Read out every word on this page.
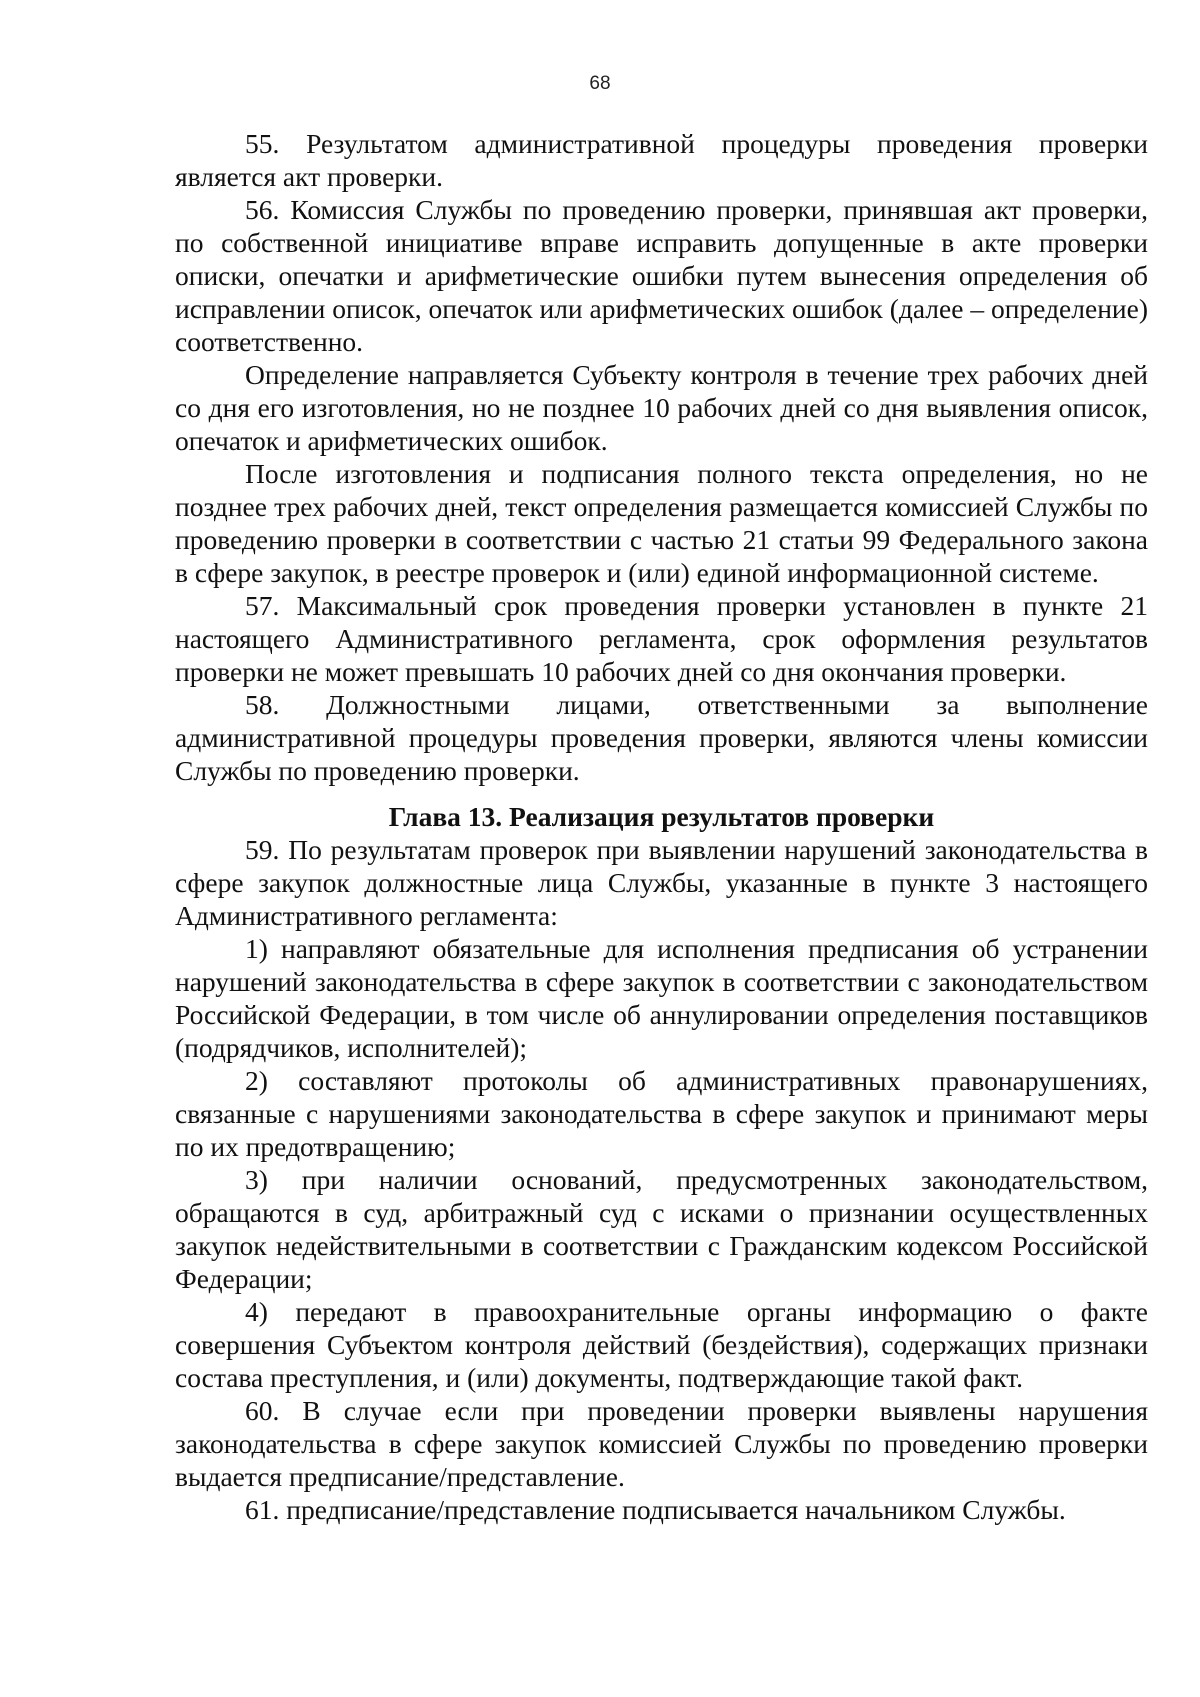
68

55. Результатом административной процедуры проведения проверки является акт проверки.

56. Комиссия Службы по проведению проверки, принявшая акт проверки, по собственной инициативе вправе исправить допущенные в акте проверки описки, опечатки и арифметические ошибки путем вынесения определения об исправлении описок, опечаток или арифметических ошибок (далее – определение) соответственно.

Определение направляется Субъекту контроля в течение трех рабочих дней со дня его изготовления, но не позднее 10 рабочих дней со дня выявления описок, опечаток и арифметических ошибок.

После изготовления и подписания полного текста определения, но не позднее трех рабочих дней, текст определения размещается комиссией Службы по проведению проверки в соответствии с частью 21 статьи 99 Федерального закона в сфере закупок, в реестре проверок и (или) единой информационной системе.

57. Максимальный срок проведения проверки установлен в пункте 21 настоящего Административного регламента, срок оформления результатов проверки не может превышать 10 рабочих дней со дня окончания проверки.

58. Должностными лицами, ответственными за выполнение административной процедуры проведения проверки, являются члены комиссии Службы по проведению проверки.

Глава 13. Реализация результатов проверки

59. По результатам проверок при выявлении нарушений законодательства в сфере закупок должностные лица Службы, указанные в пункте 3 настоящего Административного регламента:

1) направляют обязательные для исполнения предписания об устранении нарушений законодательства в сфере закупок в соответствии с законодательством Российской Федерации, в том числе об аннулировании определения поставщиков (подрядчиков, исполнителей);

2) составляют протоколы об административных правонарушениях, связанные с нарушениями законодательства в сфере закупок и принимают меры по их предотвращению;

3) при наличии оснований, предусмотренных законодательством, обращаются в суд, арбитражный суд с исками о признании осуществленных закупок недействительными в соответствии с Гражданским кодексом Российской Федерации;

4) передают в правоохранительные органы информацию о факте совершения Субъектом контроля действий (бездействия), содержащих признаки состава преступления, и (или) документы, подтверждающие такой факт.

60. В случае если при проведении проверки выявлены нарушения законодательства в сфере закупок комиссией Службы по проведению проверки выдается предписание/представление.

61. предписание/представление подписывается начальником Службы.
